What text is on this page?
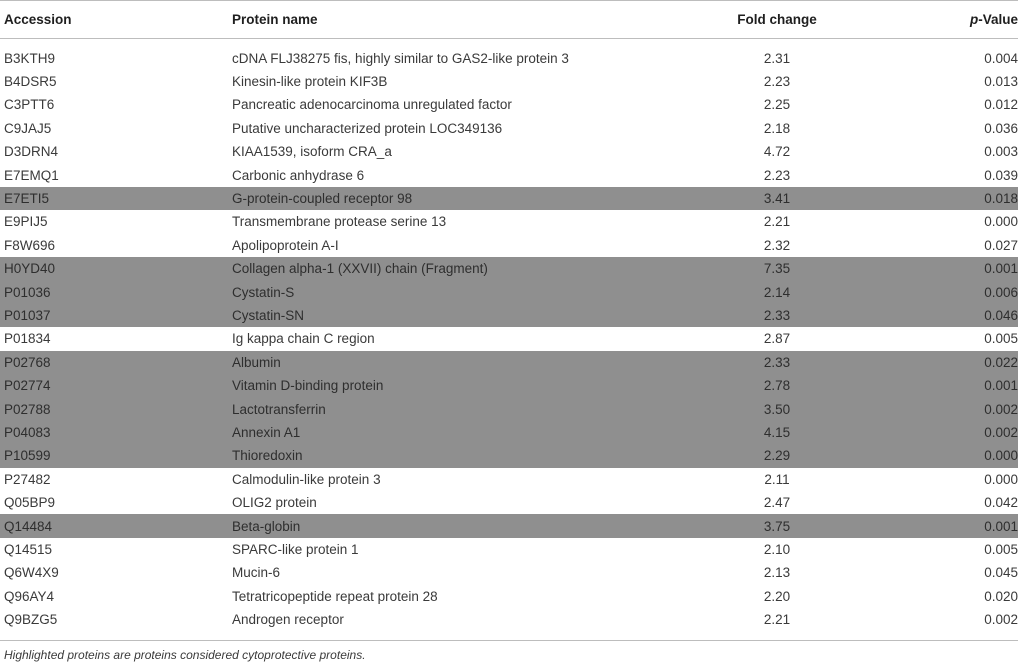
Accession	Protein name	Fold change	p-Value
B3KTH9	cDNA FLJ38275 fis, highly similar to GAS2-like protein 3	2.31	0.004
B4DSR5	Kinesin-like protein KIF3B	2.23	0.013
C3PTT6	Pancreatic adenocarcinoma unregulated factor	2.25	0.012
C9JAJ5	Putative uncharacterized protein LOC349136	2.18	0.036
D3DRN4	KIAA1539, isoform CRA_a	4.72	0.003
E7EMQ1	Carbonic anhydrase 6	2.23	0.039
E7ETI5	G-protein-coupled receptor 98	3.41	0.018
E9PIJ5	Transmembrane protease serine 13	2.21	0.000
F8W696	Apolipoprotein A-I	2.32	0.027
H0YD40	Collagen alpha-1 (XXVII) chain (Fragment)	7.35	0.001
P01036	Cystatin-S	2.14	0.006
P01037	Cystatin-SN	2.33	0.046
P01834	Ig kappa chain C region	2.87	0.005
P02768	Albumin	2.33	0.022
P02774	Vitamin D-binding protein	2.78	0.001
P02788	Lactotransferrin	3.50	0.002
P04083	Annexin A1	4.15	0.002
P10599	Thioredoxin	2.29	0.000
P27482	Calmodulin-like protein 3	2.11	0.000
Q05BP9	OLIG2 protein	2.47	0.042
Q14484	Beta-globin	3.75	0.001
Q14515	SPARC-like protein 1	2.10	0.005
Q6W4X9	Mucin-6	2.13	0.045
Q96AY4	Tetratricopeptide repeat protein 28	2.20	0.020
Q9BZG5	Androgen receptor	2.21	0.002
Highlighted proteins are proteins considered cytoprotective proteins.
